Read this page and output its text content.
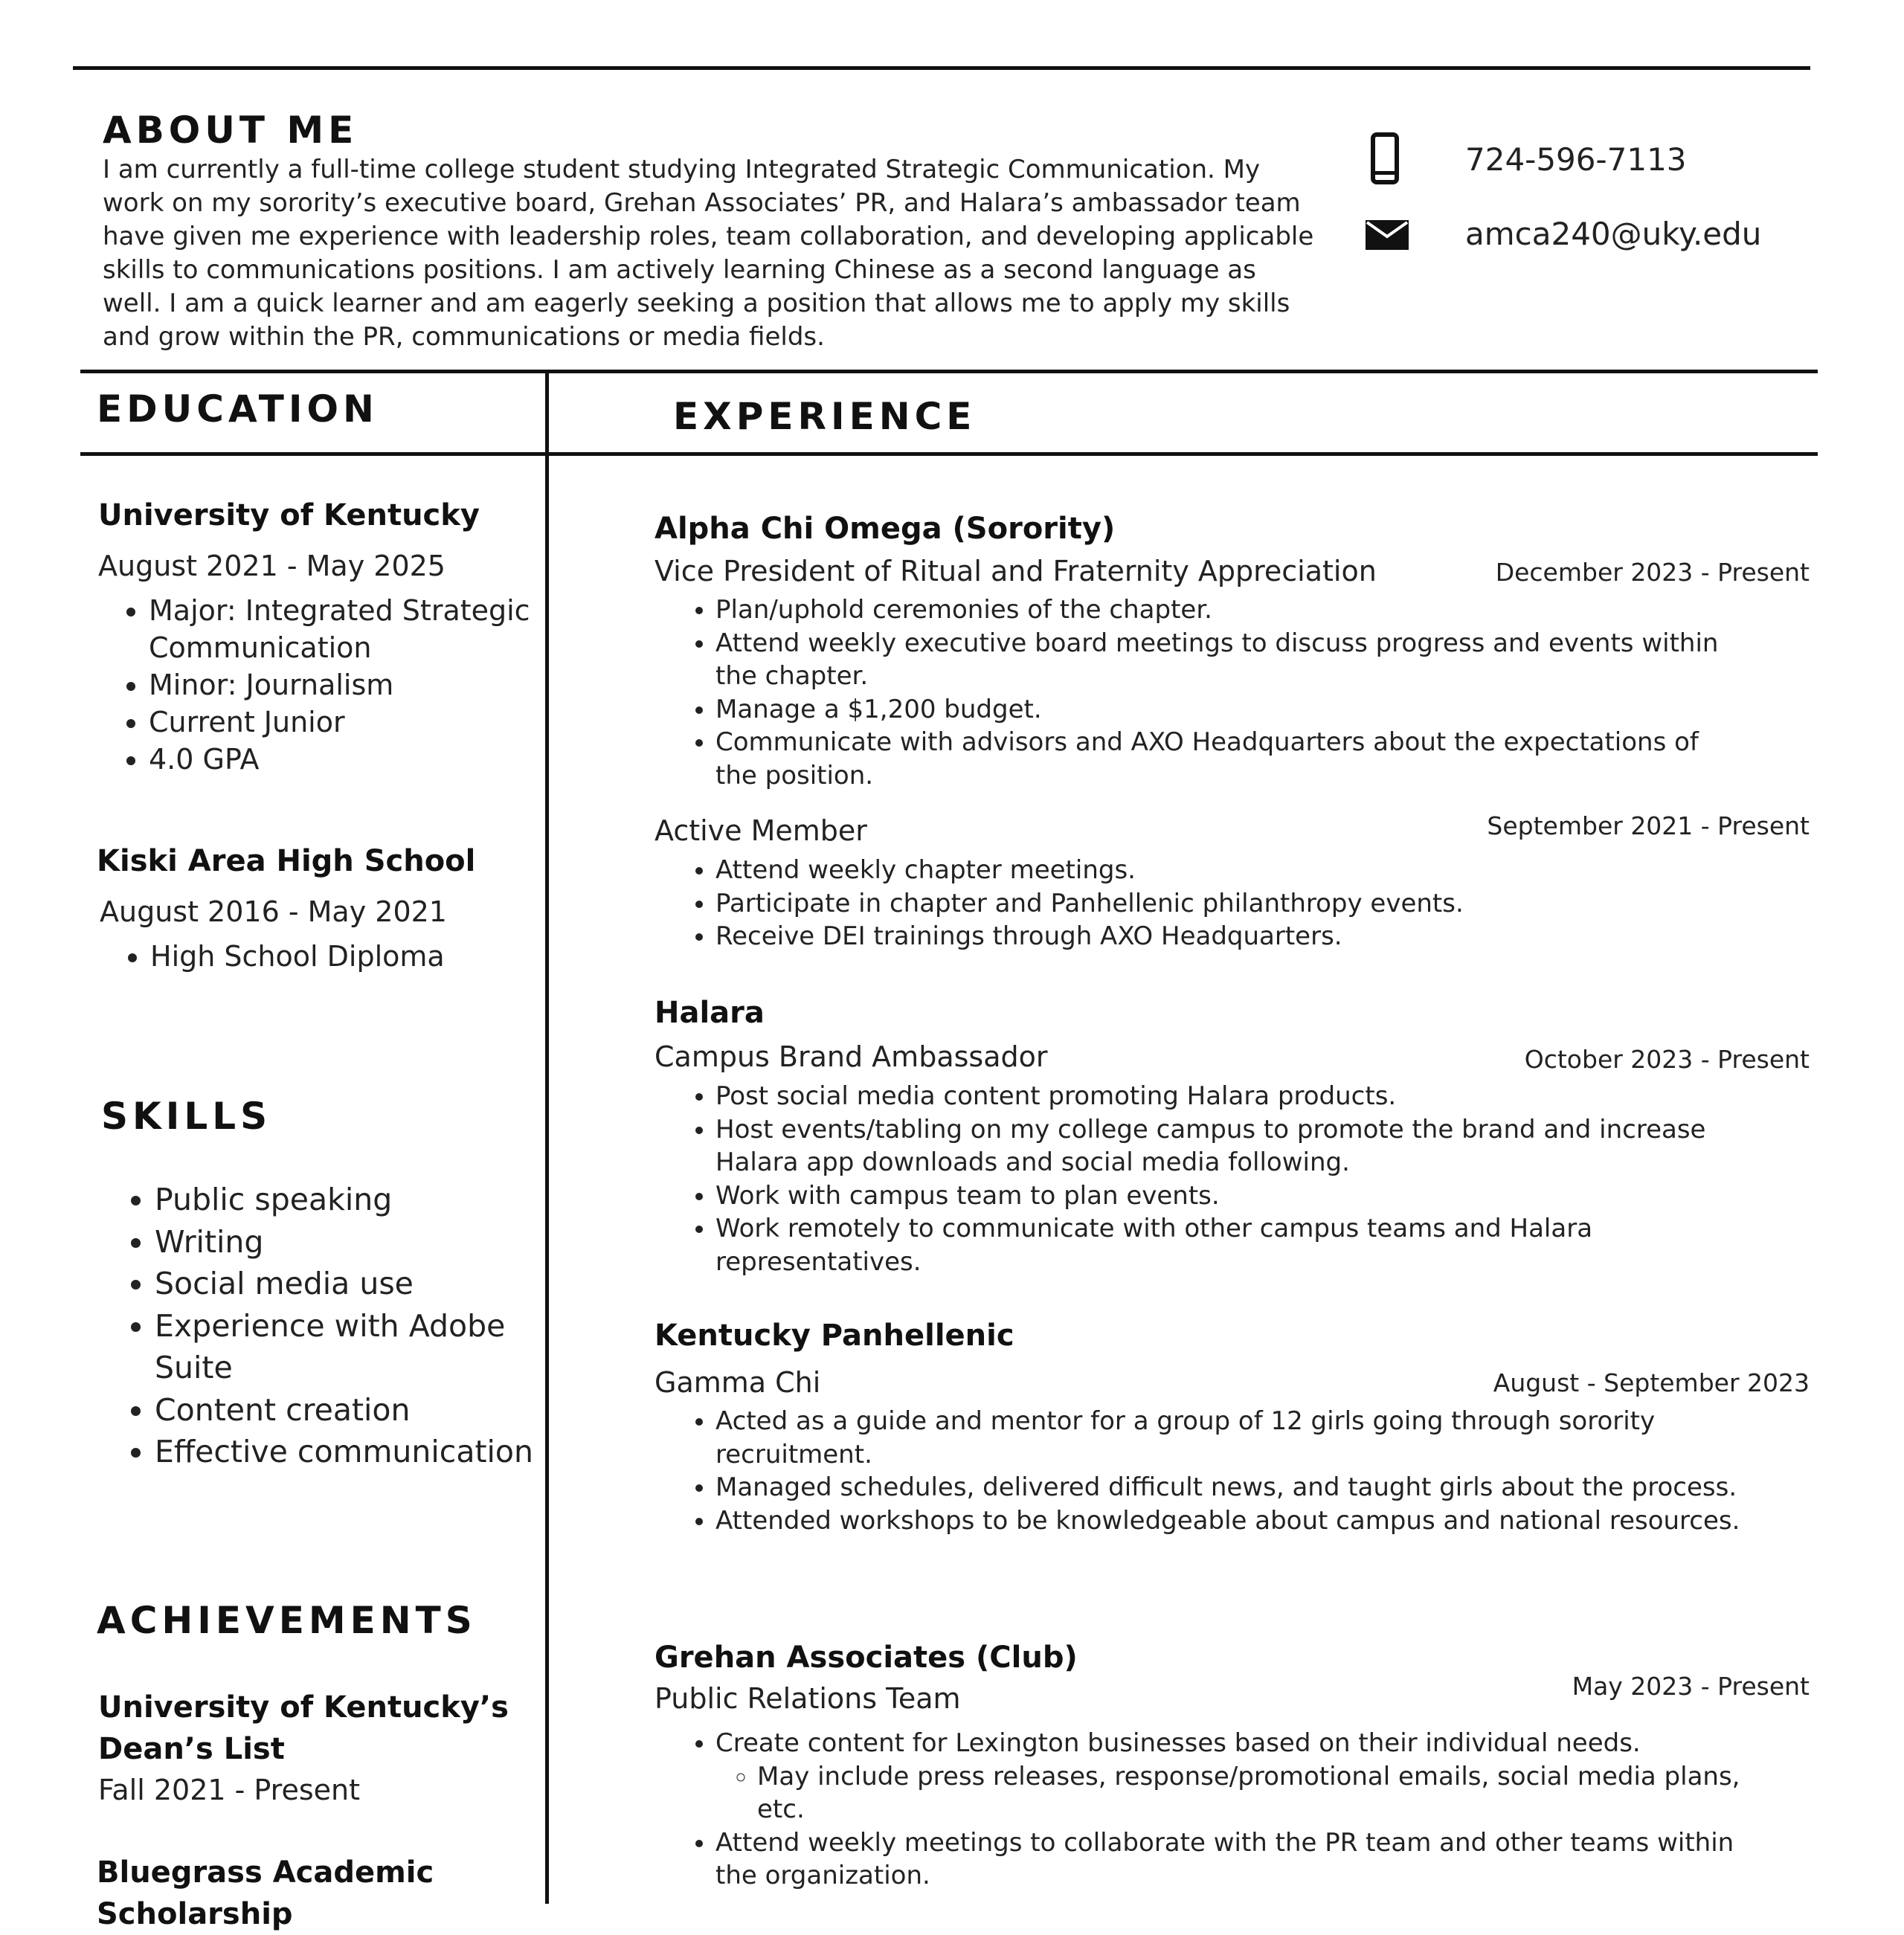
ABOUT ME

I am currently a full-time college student studying Integrated Strategic Communication. My work on my sorority’s executive board, Grehan Associates’ PR, and Halara’s ambassador team have given me experience with leadership roles, team collaboration, and developing applicable skills to communications positions. I am actively learning Chinese as a second language as well. I am a quick learner and am eagerly seeking a position that allows me to apply my skills and grow within the PR, communications or media fields.

724-596-7113
amca240@uky.edu
EDUCATION

University of Kentucky

August 2021 - May 2025

• Major: Integrated Strategic Communication
• Minor: Journalism
• Current Junior
• 4.0 GPA

Kiski Area High School

August 2016 - May 2021

• High School Diploma
SKILLS
• Public speaking
• Writing
• Social media use
• Experience with Adobe Suite
• Content creation
• Effective communication
ACHIEVEMENTS

University of Kentucky’s Dean’s List

Fall 2021 - Present

Bluegrass Academic Scholarship

EXPERIENCE

Alpha Chi Omega (Sorority)

Vice President of Ritual and Fraternity Appreciation	December 2023 - Present

• Plan/uphold ceremonies of the chapter.
• Attend weekly executive board meetings to discuss progress and events within the chapter.
• Manage a $1,200 budget.
• Communicate with advisors and AXO Headquarters about the expectations of the position.

Active Member	September 2021 - Present

• Attend weekly chapter meetings.
• Participate in chapter and Panhellenic philanthropy events.
• Receive DEI trainings through AXO Headquarters.

Halara

Campus Brand Ambassador	October 2023 - Present

• Post social media content promoting Halara products.
• Host events/tabling on my college campus to promote the brand and increase Halara app downloads and social media following.
• Work with campus team to plan events.
• Work remotely to communicate with other campus teams and Halara representatives.

Kentucky Panhellenic

Gamma Chi	August - September 2023

• Acted as a guide and mentor for a group of 12 girls going through sorority recruitment.
• Managed schedules, delivered difficult news, and taught girls about the process.
• Attended workshops to be knowledgeable about campus and national resources.

Grehan Associates (Club)

Public Relations Team	May 2023 - Present

• Create content for Lexington businesses based on their individual needs.
◦ May include press releases, response/promotional emails, social media plans, etc.
• Attend weekly meetings to collaborate with the PR team and other teams within the organization.
